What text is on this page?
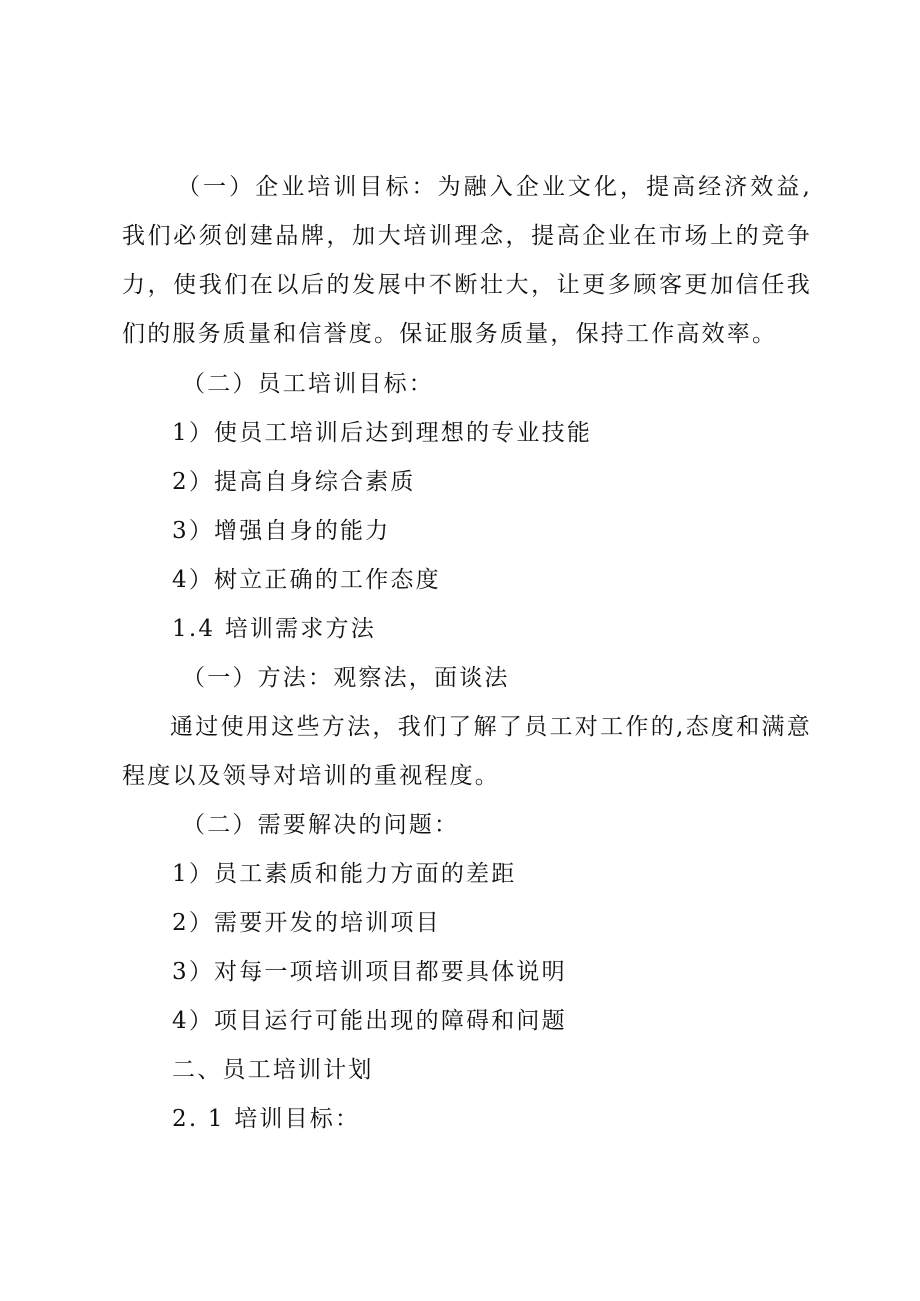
（一）企业培训目标：为融入企业文化，提高经济效益,我们必须创建品牌，加大培训理念，提高企业在市场上的竞争力，使我们在以后的发展中不断壮大，让更多顾客更加信任我们的服务质量和信誉度。保证服务质量，保持工作高效率。

（二）员工培训目标：

1）使员工培训后达到理想的专业技能

2）提高自身综合素质

3）增强自身的能力

4）树立正确的工作态度

1.4 培训需求方法

（一）方法：观察法，面谈法

通过使用这些方法，我们了解了员工对工作的,态度和满意程度以及领导对培训的重视程度。

（二）需要解决的问题：

1）员工素质和能力方面的差距

2）需要开发的培训项目

3）对每一项培训项目都要具体说明

4）项目运行可能出现的障碍和问题

二、员工培训计划

2. 1 培训目标：
